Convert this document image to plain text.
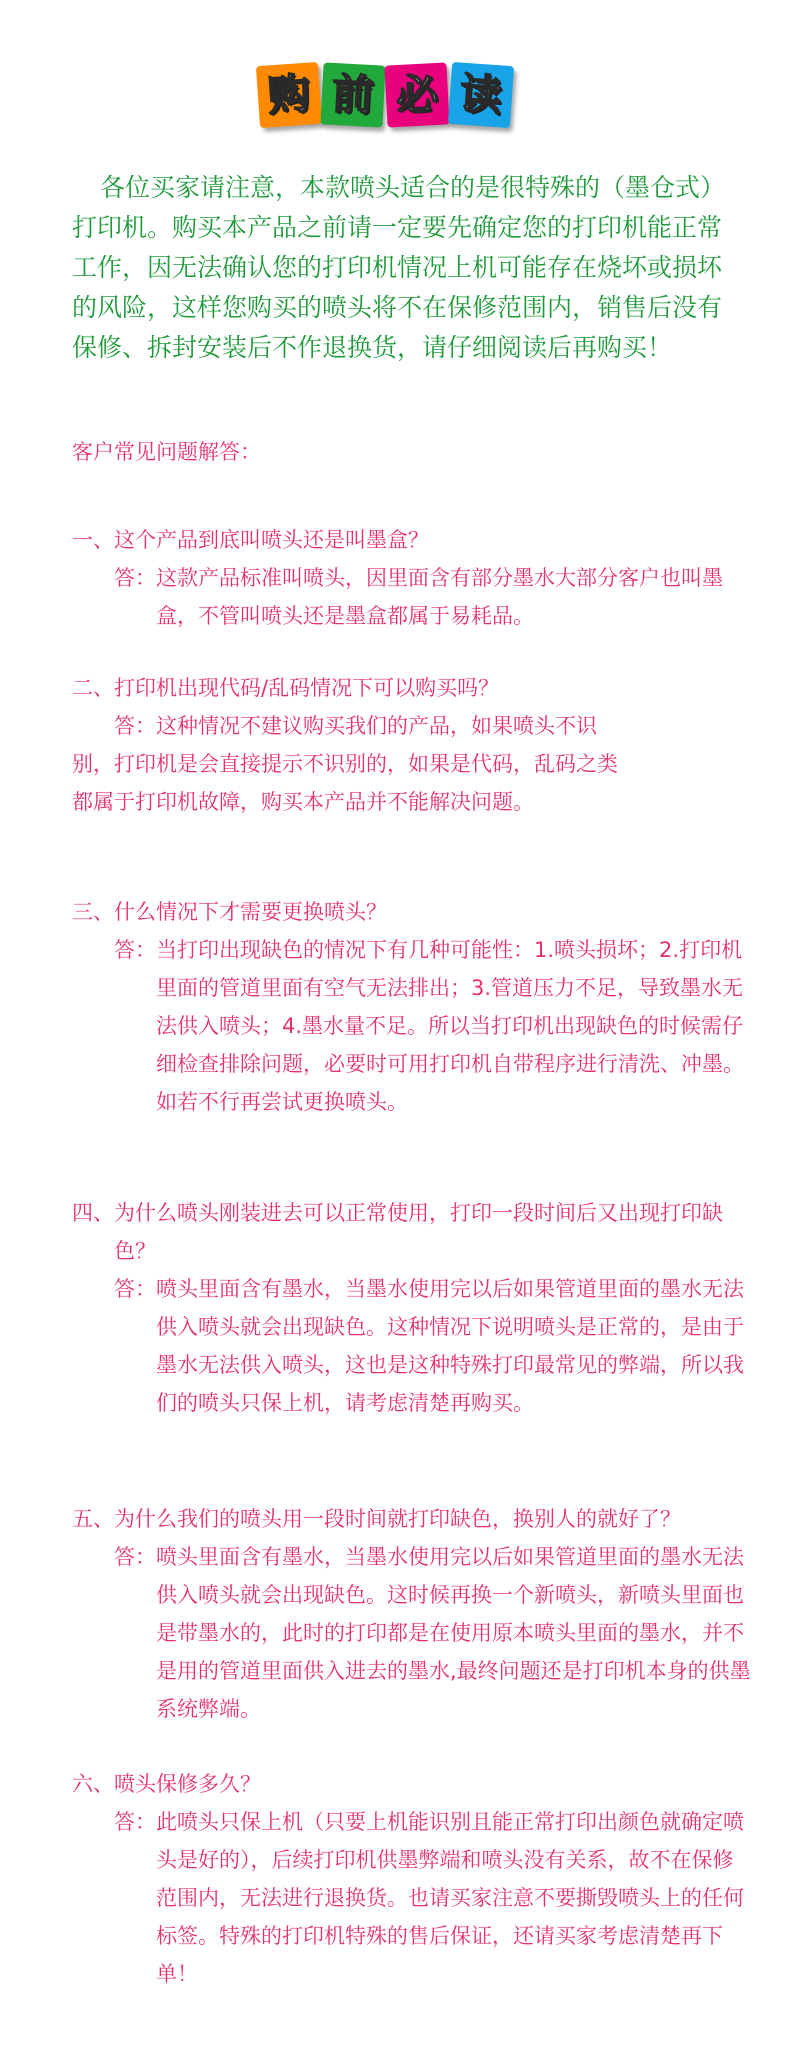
购 前 必 读

各位买家请注意，本款喷头适合的是很特殊的（墨仓式）打印机。购买本产品之前请一定要先确定您的打印机能正常工作，因无法确认您的打印机情况上机可能存在烧坏或损坏的风险，这样您购买的喷头将不在保修范围内，销售后没有保修、拆封安装后不作退换货，请仔细阅读后再购买！

客户常见问题解答：

一、这个产品到底叫喷头还是叫墨盒？

答：这款产品标准叫喷头，因里面含有部分墨水大部分客户也叫墨盒，不管叫喷头还是墨盒都属于易耗品。

二、打印机出现代码/乱码情况下可以购买吗？

答：这种情况不建议购买我们的产品，如果喷头不识别，打印机是会直接提示不识别的，如果是代码，乱码之类都属于打印机故障，购买本产品并不能解决问题。

三、什么情况下才需要更换喷头？

答：当打印出现缺色的情况下有几种可能性：1.喷头损坏；2.打印机里面的管道里面有空气无法排出；3.管道压力不足，导致墨水无法供入喷头；4.墨水量不足。所以当打印机出现缺色的时候需仔细检查排除问题，必要时可用打印机自带程序进行清洗、冲墨。如若不行再尝试更换喷头。

四、为什么喷头刚装进去可以正常使用，打印一段时间后又出现打印缺色？

答：喷头里面含有墨水，当墨水使用完以后如果管道里面的墨水无法供入喷头就会出现缺色。这种情况下说明喷头是正常的，是由于墨水无法供入喷头，这也是这种特殊打印最常见的弊端，所以我们的喷头只保上机，请考虑清楚再购买。

五、为什么我们的喷头用一段时间就打印缺色，换别人的就好了？

答：喷头里面含有墨水，当墨水使用完以后如果管道里面的墨水无法供入喷头就会出现缺色。这时候再换一个新喷头，新喷头里面也是带墨水的，此时的打印都是在使用原本喷头里面的墨水，并不是用的管道里面供入进去的墨水,最终问题还是打印机本身的供墨系统弊端。

六、喷头保修多久？

答：此喷头只保上机（只要上机能识别且能正常打印出颜色就确定喷头是好的），后续打印机供墨弊端和喷头没有关系，故不在保修范围内，无法进行退换货。也请买家注意不要撕毁喷头上的任何标签。特殊的打印机特殊的售后保证，还请买家考虑清楚再下单！
